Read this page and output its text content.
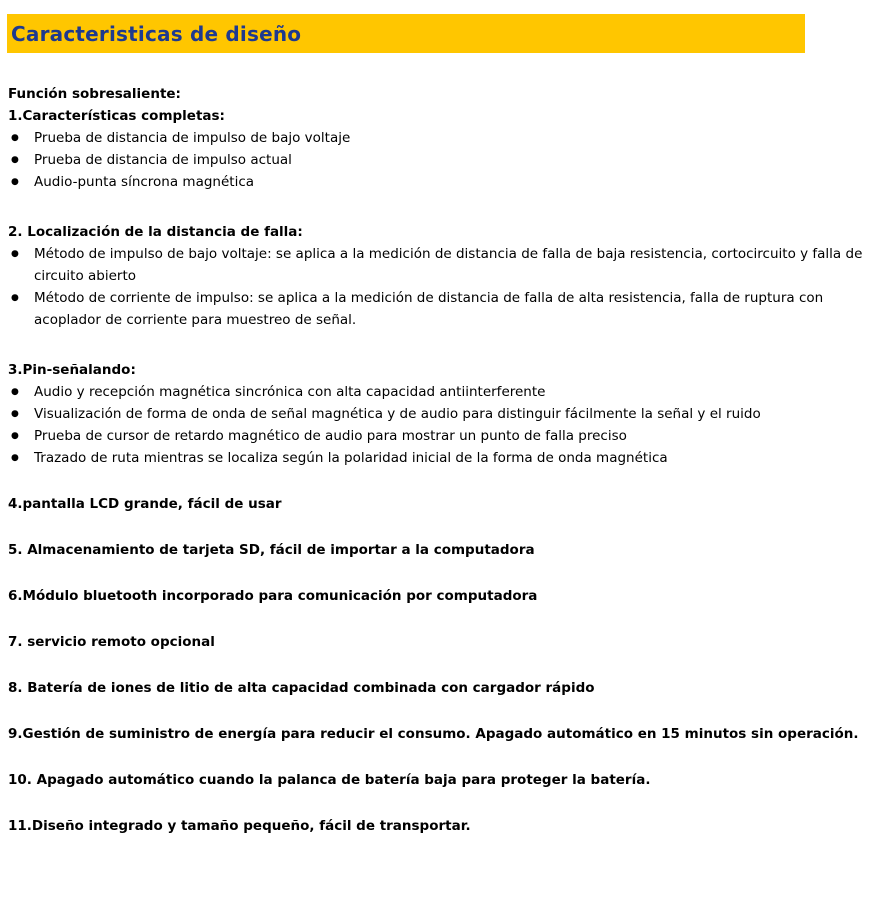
Caracteristicas de diseño
Función sobresaliente:
1.Características completas:
●	Prueba de distancia de impulso de bajo voltaje
●	Prueba de distancia de impulso actual
●	Audio-punta síncrona magnética
2. Localización de la distancia de falla:
●	Método de impulso de bajo voltaje: se aplica a la medición de distancia de falla de baja resistencia, cortocircuito y falla de circuito abierto
●	Método de corriente de impulso: se aplica a la medición de distancia de falla de alta resistencia, falla de ruptura con acoplador de corriente para muestreo de señal.
3.Pin-señalando:
●	Audio y recepción magnética sincrónica con alta capacidad antiinterferente
●	Visualización de forma de onda de señal magnética y de audio para distinguir fácilmente la señal y el ruido
●	Prueba de cursor de retardo magnético de audio para mostrar un punto de falla preciso
●	Trazado de ruta mientras se localiza según la polaridad inicial de la forma de onda magnética
4.pantalla LCD grande, fácil de usar
5. Almacenamiento de tarjeta SD, fácil de importar a la computadora
6.Módulo bluetooth incorporado para comunicación por computadora
7. servicio remoto opcional
8. Batería de iones de litio de alta capacidad combinada con cargador rápido
9.Gestión de suministro de energía para reducir el consumo. Apagado automático en 15 minutos sin operación.
10. Apagado automático cuando la palanca de batería baja para proteger la batería.
11.Diseño integrado y tamaño pequeño, fácil de transportar.
